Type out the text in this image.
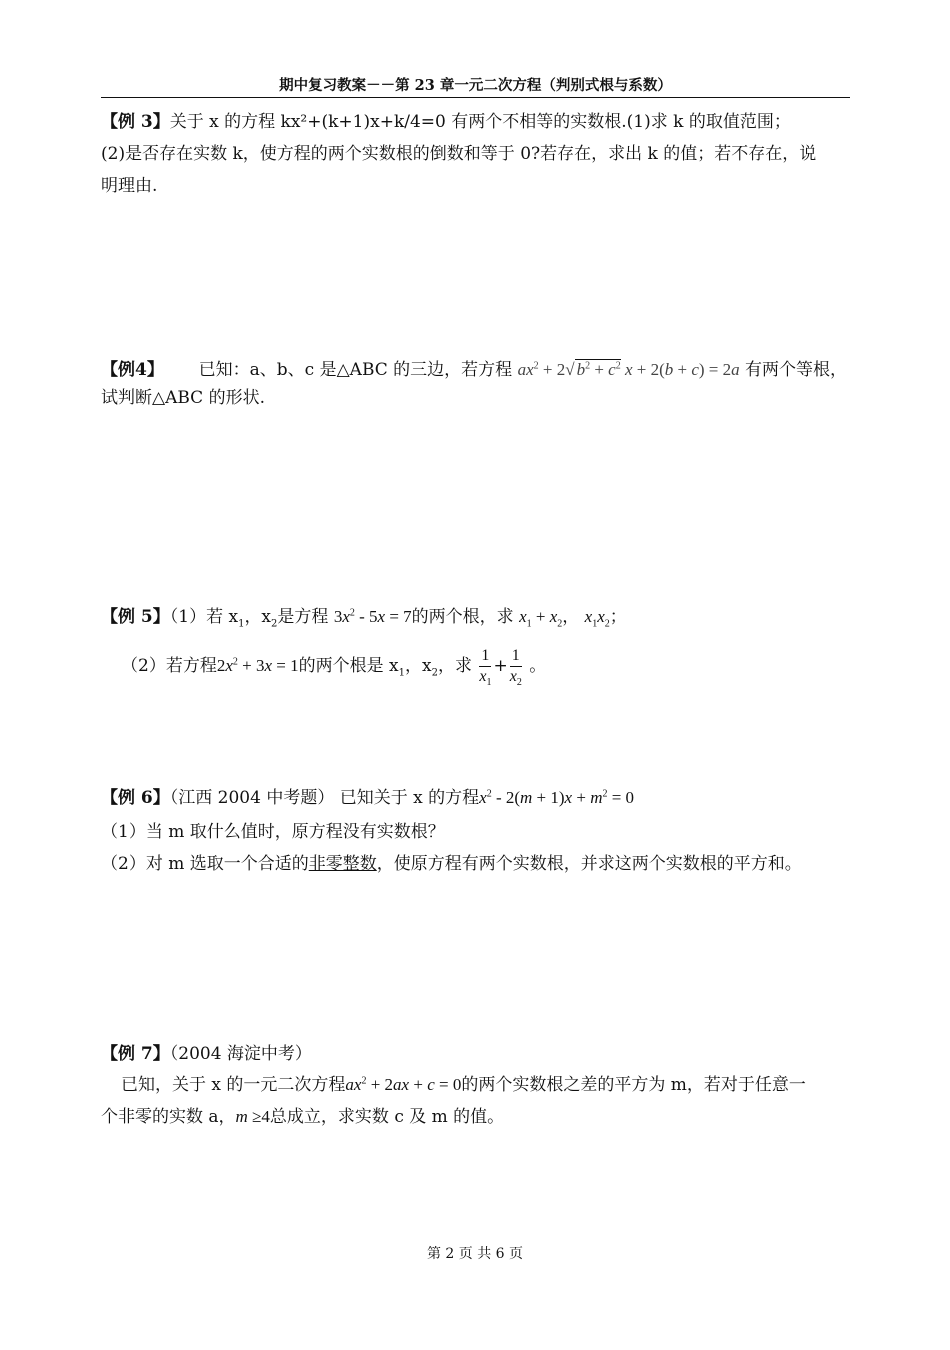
期中复习教案－－第 23 章一元二次方程（判别式根与系数）
【例 3】关于 x 的方程 kx²+(k+1)x+k/4=0 有两个不相等的实数根.(1)求 k 的取值范围；
(2)是否存在实数 k，使方程的两个实数根的倒数和等于 0?若存在，求出 k 的值；若不存在，说
明理由.
【例4】 已知：a、b、c 是△ABC 的三边，若方程 $ax^2 + 2√$ $b^2 + c^2$ x + 2(b + c) = 2a 有两个等根，
试判断△ABC 的形状.
【例 5】（1）若 $x_1$，$x_2$是方程 $3x^2 - 5x = 7$的两个根，求 $x_1 + x_2$， $x_1x_2$；
（2）若方程$2x^2 + 3x = 1$的两个根是 $x_1$，$x_2$，求 $\frac{1}{x_1} + \frac{1}{x_2}$ 。
【例 6】（江西 2004 中考题） 已知关于 x 的方程$x^2 - 2(m + 1)x + m^2 = 0$
（1）当 m 取什么值时，原方程没有实数根？
（2）对 m 选取一个合适的非零整数，使原方程有两个实数根，并求这两个实数根的平方和。
【例 7】（2004 海淀中考）
已知，关于 x 的一元二次方程$ax^2 + 2ax + c = 0$的两个实数根之差的平方为 m，若对于任意一
个非零的实数 a，m ≥4总成立，求实数 c 及 m 的值。
第 2 页 共 6 页
